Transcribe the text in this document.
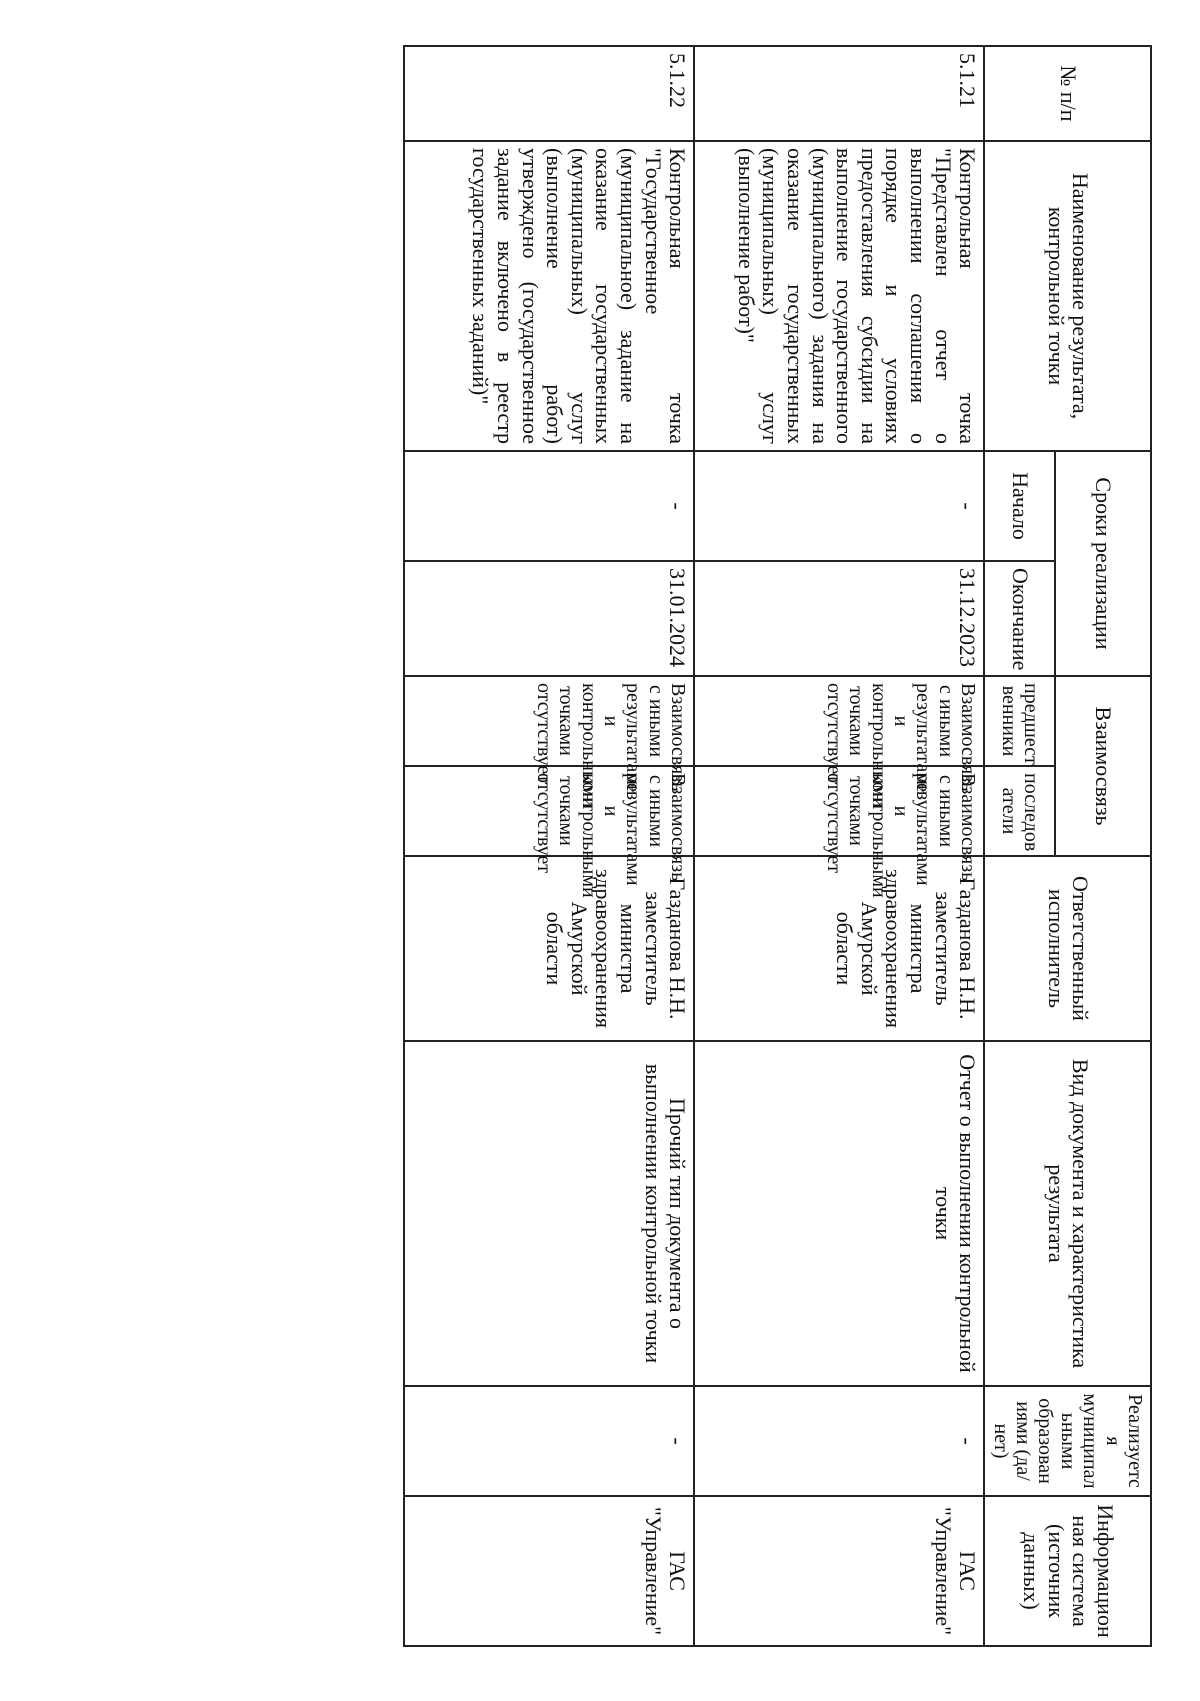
№ п/п	Наименование результата, контрольной точки	Сроки реализации		Взаимосвязь		Ответственный исполнитель	Вид документа и характеристика результата	Реализуетс я муниципал ьными образован иями (да/нет)	Информацион ная система (источник данных)
		Начало	Окончание	предшест венники	последов атели				
5.1.21	Контрольная точка "Представлен отчет о выполнении соглашения о порядке и условиях предоставления субсидии на выполнение государственного (муниципального) задания на оказание государственных (муниципальных) услуг (выполнение работ)"	-	31.12.2023	Взаимосвязь с иными результатами и контрольными точками отсутствует	Взаимосвязь с иными результатами и контрольными точками отсутствует	Газданова Н.Н. заместитель министра здравоохранения Амурской области	Отчет о выполнении контрольной точки	-	ГАС "Управление"
5.1.22	Контрольная точка "Государственное (муниципальное) задание на оказание государственных (муниципальных) услуг (выполнение работ) утверждено (государственное задание включено в реестр государственных заданий)"	-	31.01.2024	Взаимосвязь с иными результатами и контрольными точками отсутствует	Взаимосвязь с иными результатами и контрольными точками отсутствует	Газданова Н.Н. заместитель министра здравоохранения Амурской области	Прочий тип документа о выполнении контрольной точки	-	ГАС "Управление"
